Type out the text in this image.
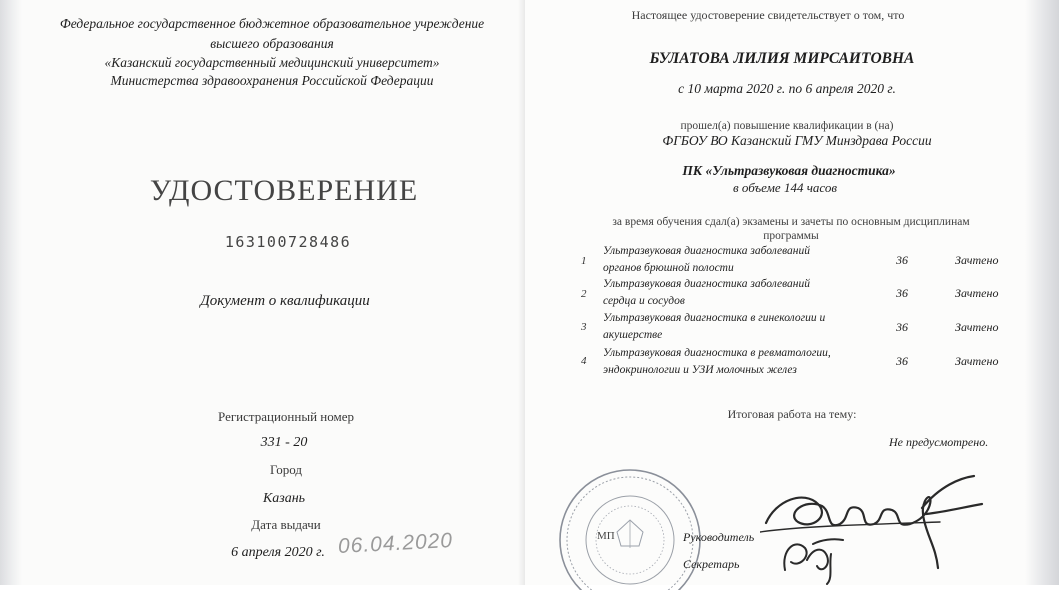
Федеральное государственное бюджетное образовательное учреждение
высшего образования
«Казанский государственный медицинский университет»
Министерства здравоохранения Российской Федерации
УДОСТОВЕРЕНИЕ
163100728486
Документ о квалификации
Регистрационный номер
331 - 20
Город
Казань
Дата выдачи
6 апреля 2020 г. 06.04.2020
Настоящее удостоверение свидетельствует о том, что
БУЛАТОВА ЛИЛИЯ МИРСАИТОВНА
с 10 марта 2020 г. по 6 апреля 2020 г.
прошел(а) повышение квалификации в (на)
ФГБОУ ВО Казанский ГМУ Минздрава России
ПК «Ультразвуковая диагностика»
в объеме 144 часов
за время обучения сдал(а) экзамены и зачеты по основным дисциплинам
программы
1
Ультразвуковая диагностика заболеваний
органов брюшной полости
36	Зачтено
2
Ультразвуковая диагностика заболеваний
сердца и сосудов
36	Зачтено
3
Ультразвуковая диагностика в гинекологии и
акушерстве
36	Зачтено
4
Ультразвуковая диагностика в ревматологии,
эндокринологии и УЗИ молочных желез
36	Зачтено
Итоговая работа на тему:
Не предусмотрено.
МП	Руководитель
Секретарь
